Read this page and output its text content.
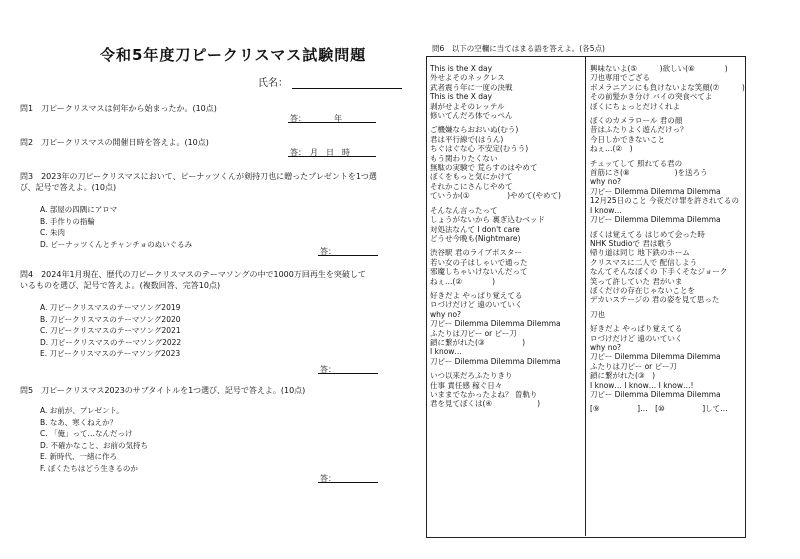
令和5年度刀ピークリスマス試験問題
氏名：
問1　刀ピークリスマスは何年から始まったか。(10点)
答：　　　　年
問2　刀ピークリスマスの開催日時を答えよ。(10点)
答：　月　日　時
問3　2023年の刀ピークリスマスにおいて、ピーナッツくんが剣持刀也に贈ったプレゼントを1つ選
び、記号で答えよ。(10点)
A. 部屋の四隅にアロマ
B. 手作りの指輪
C. 朱肉
D. ピーナッツくんとチャンチョのぬいぐるみ
答：
問4　2024年1月現在、歴代の刀ピークリスマスのテーマソングの中で1000万回再生を突破して
いるものを選び、記号で答えよ。(複数回答、完答10点)
A. 刀ピークリスマスのテーマソング2019
B. 刀ピークリスマスのテーマソング2020
C. 刀ピークリスマスのテーマソング2021
D. 刀ピークリスマスのテーマソング2022
E. 刀ピークリスマスのテーマソング2023
答：
問5　刀ピークリスマス2023のサブタイトルを1つ選び、記号で答えよ。(10点)
A. お前が、プレゼント。
B. なあ、寒くねえか？
C. 「俺」って…なんだっけ
D. 不確かなこと、お前の気持ち
E. 新時代、一緒に作ろ
F. ぼくたちはどう生きるのか
答：
問6　以下の空欄に当てはまる語を答えよ。(各5点)
This is the X day
外せよそのネックレス
武者震う年に一度の決戦
This is the X day
剥がせよそのレッテル
修いてんだろ体でっぺん
ご機嫌ならおおいぬ(むう)
君は平行線で(はうん)
ちぐはぐな心 不安定(むうう)
もう関わりたくない
無駄の実験で 荒らすのはやめて
ぼくをもっと気にかけて
それかこにさんじやめて
ていうか(①　　　　　)やめて(やめて)
そんなん言ったって
しょうがないから 裏ぎ込むベッド
対処法なんて I don't care
どうせ今晩も(Nightmare)
渋谷駅 君のライブポスター
若い女の子はしゃいで通った
邪魔しちゃいけないんだって
ねぇ…(②　　　　)
好きだよ やっぱり覚えてる
ロづけだけど 遠のいていく
why no?
刀ピー Dilemma Dilemma Dilemma
ふたりは刀ピー or ピー刀
鎖に繋がれた(③　　　　　)
I know…
刀ピー Dilemma Dilemma Dilemma
いつ以来だろふたりきり
仕事 責任感 稼ぐ日々
いままでなかったよね？ 曽軌り
君を見てぼくは(④　　　　　　)
興味ないよ(⑤　　　)欲しい(⑥　　　　)
刀也専用でござる
ボメラニアンにも負けないよな笑顔(⑦　　　)
その前髪かき分け バイの突食べてよ
ぼくにちょっとだけくれよ
ぼくのカメラロール 君の顔
昔はふたりよく遊んだけっ？
今日しかできないこと
ねぇ…(②　)
チュッてして 照れてる君の
首筋にさ(⑧　　　　　　)を送ろう
why no?
刀ピー Dilemma Dilemma Dilemma
12月25日のこと 今夜だけ罪を許されてるの
I know…
刀ピー Dilemma Dilemma Dilemma
ぼくは覚えてる はじめて会った時
NHK Studioで 君は歌う
帰り道は同じ 地下鉄のホーム
クリスマスに二人で 配信しよう
なんてそんなぼくの 下手くそなジョーク
笑って許していた 君がいま
ぼくだけの存在じゃないことを
デカいステージの 君の姿を見て思った
刀也
好きだよ やっぱり覚えてる
ロづけだけど 遠のいていく
why no?
刀ピー Dilemma Dilemma Dilemma
ふたりは刀ピー or ピー刀
鎖に繋がれた(③　)
I know… I know… I know…!
刀ピー Dilemma Dilemma Dilemma
[⑨　　　　　]…　[⑩　　　　　]して…
